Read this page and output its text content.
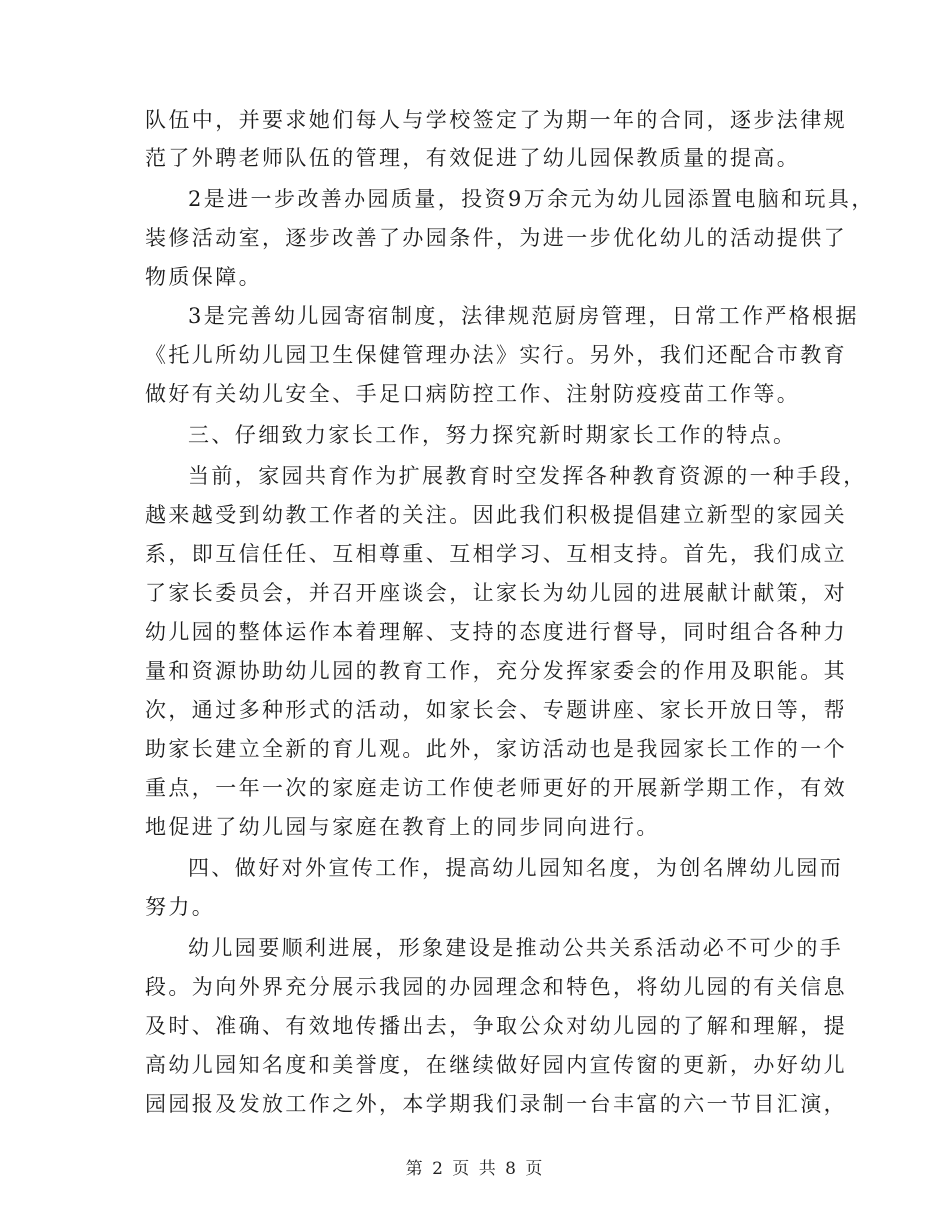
队伍中，并要求她们每人与学校签定了为期一年的合同，逐步法律规
范了外聘老师队伍的管理，有效促进了幼儿园保教质量的提高。
2是进一步改善办园质量，投资9万余元为幼儿园添置电脑和玩具，
装修活动室，逐步改善了办园条件，为进一步优化幼儿的活动提供了
物质保障。
3是完善幼儿园寄宿制度，法律规范厨房管理，日常工作严格根据
《托儿所幼儿园卫生保健管理办法》实行。另外，我们还配合市教育
做好有关幼儿安全、手足口病防控工作、注射防疫疫苗工作等。
三、仔细致力家长工作，努力探究新时期家长工作的特点。
当前，家园共育作为扩展教育时空发挥各种教育资源的一种手段，
越来越受到幼教工作者的关注。因此我们积极提倡建立新型的家园关
系，即互信任任、互相尊重、互相学习、互相支持。首先，我们成立
了家长委员会，并召开座谈会，让家长为幼儿园的进展献计献策，对
幼儿园的整体运作本着理解、支持的态度进行督导，同时组合各种力
量和资源协助幼儿园的教育工作，充分发挥家委会的作用及职能。其
次，通过多种形式的活动，如家长会、专题讲座、家长开放日等，帮
助家长建立全新的育儿观。此外，家访活动也是我园家长工作的一个
重点，一年一次的家庭走访工作使老师更好的开展新学期工作，有效
地促进了幼儿园与家庭在教育上的同步同向进行。
四、做好对外宣传工作，提高幼儿园知名度，为创名牌幼儿园而
努力。
幼儿园要顺利进展，形象建设是推动公共关系活动必不可少的手
段。为向外界充分展示我园的办园理念和特色，将幼儿园的有关信息
及时、准确、有效地传播出去，争取公众对幼儿园的了解和理解，提
高幼儿园知名度和美誉度，在继续做好园内宣传窗的更新，办好幼儿
园园报及发放工作之外，本学期我们录制一台丰富的六一节目汇演，
第 2 页 共 8 页
